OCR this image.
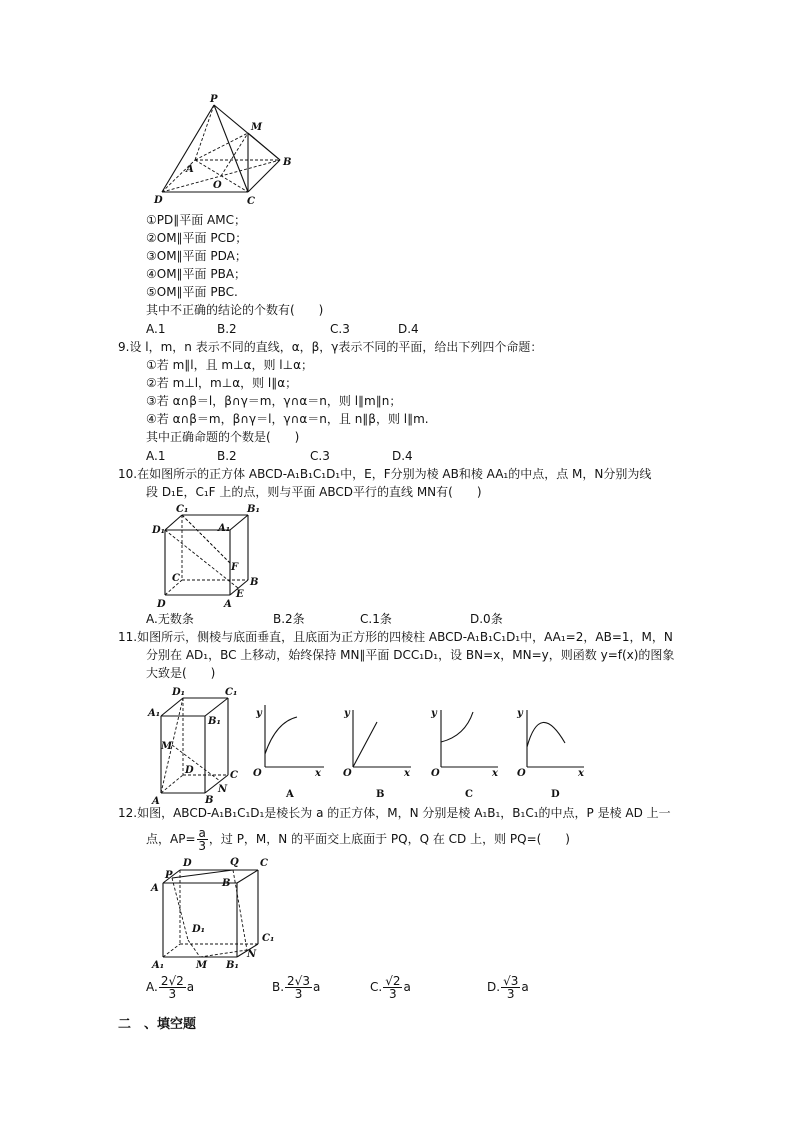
P
M
B
A
O
D	C
①PD∥平面 AMC；
②OM∥平面 PCD；
③OM∥平面 PDA；
④OM∥平面 PBA；
⑤OM∥平面 PBC.
其中不正确的结论的个数有(　　)
A.1	B.2	C.3	D.4
9.设 l，m，n 表示不同的直线，α，β，γ表示不同的平面，给出下列四个命题：
①若 m∥l，且 m⊥α，则 l⊥α；
②若 m⊥l，m⊥α，则 l∥α；
③若 α∩β＝l，β∩γ＝m，γ∩α＝n，则 l∥m∥n；
④若 α∩β＝m，β∩γ＝l，γ∩α＝n，且 n∥β，则 l∥m.
其中正确命题的个数是(　　)
A.1	B.2	C.3	D.4
10.在如图所示的正方体 ABCD-A₁B₁C₁D₁中，E，F分别为棱 AB和棱 AA₁的中点，点 M，N分别为线
段 D₁E，C₁F 上的点，则与平面 ABCD平行的直线 MN有(　　)
C₁	B₁
D₁	A₁
F
C	B
D	A
E
A.无数条	B.2条	C.1条	D.0条
11.如图所示，侧棱与底面垂直，且底面为正方形的四棱柱 ABCD-A₁B₁C₁D₁中，AA₁=2，AB=1，M，N
分别在 AD₁，BC 上移动，始终保持 MN∥平面 DCC₁D₁，设 BN=x，MN=y，则函数 y=f(x)的图象
大致是(　　)
D₁	C₁
A₁
B₁
M
D	C
A
N
B
y
O	x
A
y
O	x
B
y
O	x
C
y
O	x
D
12.如图，ABCD-A₁B₁C₁D₁是棱长为 a 的正方体，M，N 分别是棱 A₁B₁，B₁C₁的中点，P 是棱 AD 上一
点，$AP= \frac{a}{3}$ ，过 P，M，N 的平面交上底面于 PQ，Q 在 CD 上，则 PQ=(　　)
D	Q C
P
A	B
D₁
C₁
N
A₁	M B₁
A. $\frac{2√2}{3}$ a	B. $\frac{2√3}{3}$ a	C. $\frac{√2}{3}$ a	D. $\frac{√3}{3}$ a
二　、填空题
